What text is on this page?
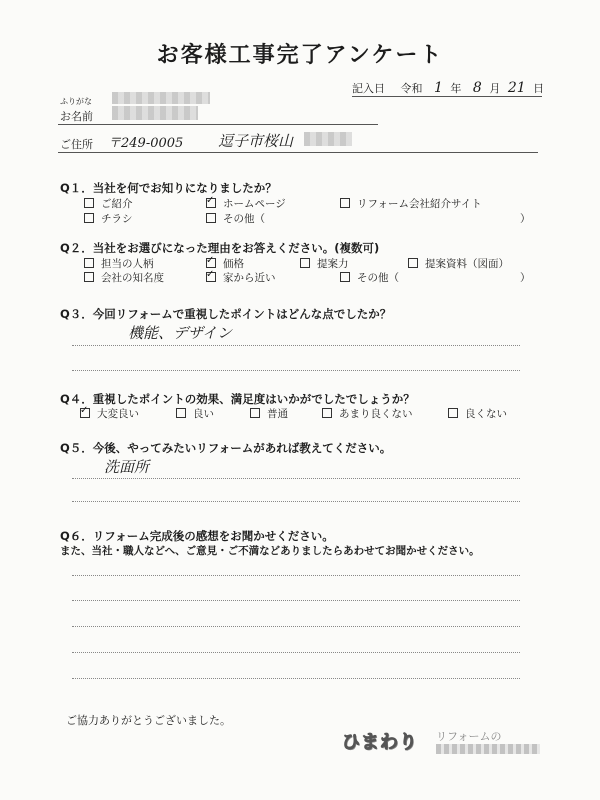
お客様工事完了アンケート
記入日 令和 1 年 8 月 21 日
ふりがな
お名前
ご住所 〒249-0005 逗子市桜山
Q１．当社を何でお知りになりましたか？
ご紹介 ✓	ホームページ	リフォーム会社紹介サイト
チラシ	その他（	）
Q２．当社をお選びになった理由をお答えください。(複数可)
担当の人柄 ✓	価格	提案力	提案資料（図面）
会社の知名度 ✓	家から近い	その他（	）
Q３．今回リフォームで重視したポイントはどんな点でしたか？
機能、デザイン
Q４．重視したポイントの効果、満足度はいかがでしたでしょうか？
✓大変良い	良い	普通	あまり良くない	良くない
Q５．今後、やってみたいリフォームがあれば教えてください。
洗面所
Q６．リフォーム完成後の感想をお聞かせください。
また、当社・職人などへ、ご意見・ご不満などありましたらあわせてお聞かせください。
ご協力ありがとうございました。
ひまわり リフォームの
